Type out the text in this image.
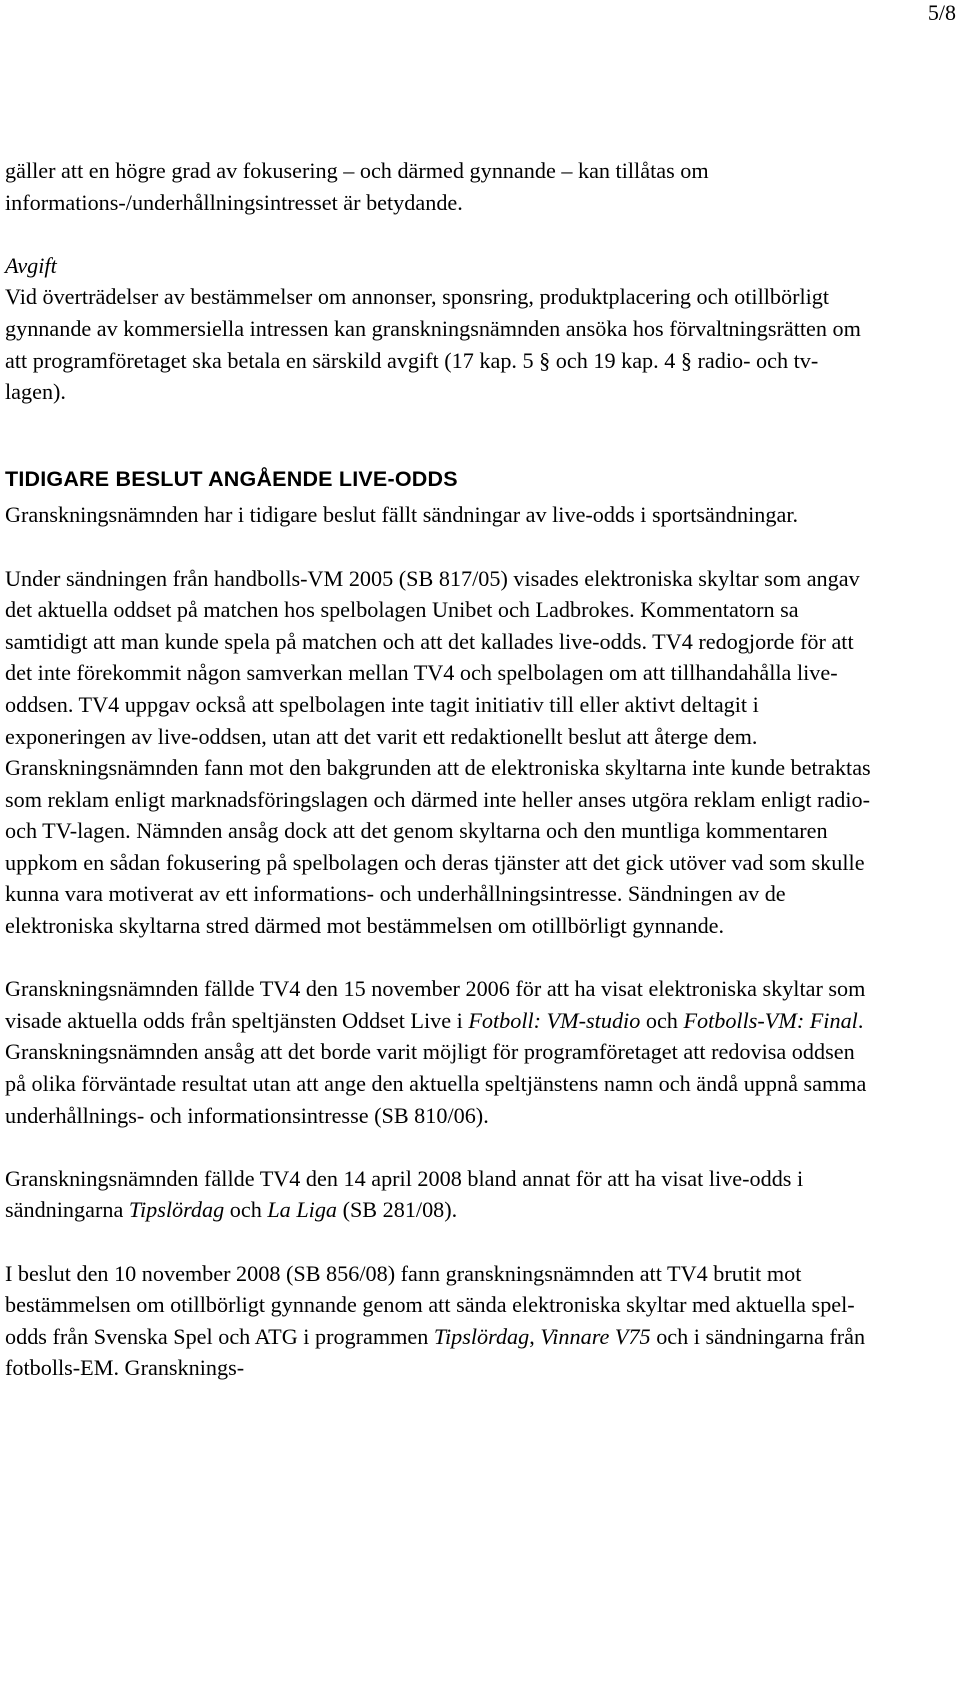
5/8

gäller att en högre grad av fokusering – och därmed gynnande – kan tillåtas om informations-/underhållningsintresset är betydande.

Avgift

Vid överträdelser av bestämmelser om annonser, sponsring, produktplacering och otillbörligt gynnande av kommersiella intressen kan granskningsnämnden ansöka hos förvaltningsrätten om att programföretaget ska betala en särskild avgift (17 kap. 5 § och 19 kap. 4 § radio- och tv-lagen).

TIDIGARE BESLUT ANGÅENDE LIVE-ODDS

Granskningsnämnden har i tidigare beslut fällt sändningar av live-odds i sportsändningar.

Under sändningen från handbolls-VM 2005 (SB 817/05) visades elektroniska skyltar som angav det aktuella oddset på matchen hos spelbolagen Unibet och Ladbrokes. Kommentatorn sa samtidigt att man kunde spela på matchen och att det kallades live-odds. TV4 redogjorde för att det inte förekommit någon samverkan mellan TV4 och spelbolagen om att tillhandahålla live-oddsen. TV4 uppgav också att spelbolagen inte tagit initiativ till eller aktivt deltagit i exponeringen av live-oddsen, utan att det varit ett redaktionellt beslut att återge dem. Granskningsnämnden fann mot den bakgrunden att de elektroniska skyltarna inte kunde betraktas som reklam enligt marknadsföringslagen och därmed inte heller anses utgöra reklam enligt radio- och TV-lagen. Nämnden ansåg dock att det genom skyltarna och den muntliga kommentaren uppkom en sådan fokusering på spelbolagen och deras tjänster att det gick utöver vad som skulle kunna vara motiverat av ett informations- och underhållningsintresse. Sändningen av de elektroniska skyltarna stred därmed mot bestämmelsen om otillbörligt gynnande.

Granskningsnämnden fällde TV4 den 15 november 2006 för att ha visat elektroniska skyltar som visade aktuella odds från speltjänsten Oddset Live i Fotboll: VM-studio och Fotbolls-VM: Final. Granskningsnämnden ansåg att det borde varit möjligt för programföretaget att redovisa oddsen på olika förväntade resultat utan att ange den aktuella speltjänstens namn och ändå uppnå samma underhållnings- och informationsintresse (SB 810/06).

Granskningsnämnden fällde TV4 den 14 april 2008 bland annat för att ha visat live-odds i sändningarna Tipslördag och La Liga (SB 281/08).

I beslut den 10 november 2008 (SB 856/08) fann granskningsnämnden att TV4 brutit mot bestämmelsen om otillbörligt gynnande genom att sända elektroniska skyltar med aktuella spel-odds från Svenska Spel och ATG i programmen Tipslördag, Vinnare V75 och i sändningarna från fotbolls-EM. Gransknings-
